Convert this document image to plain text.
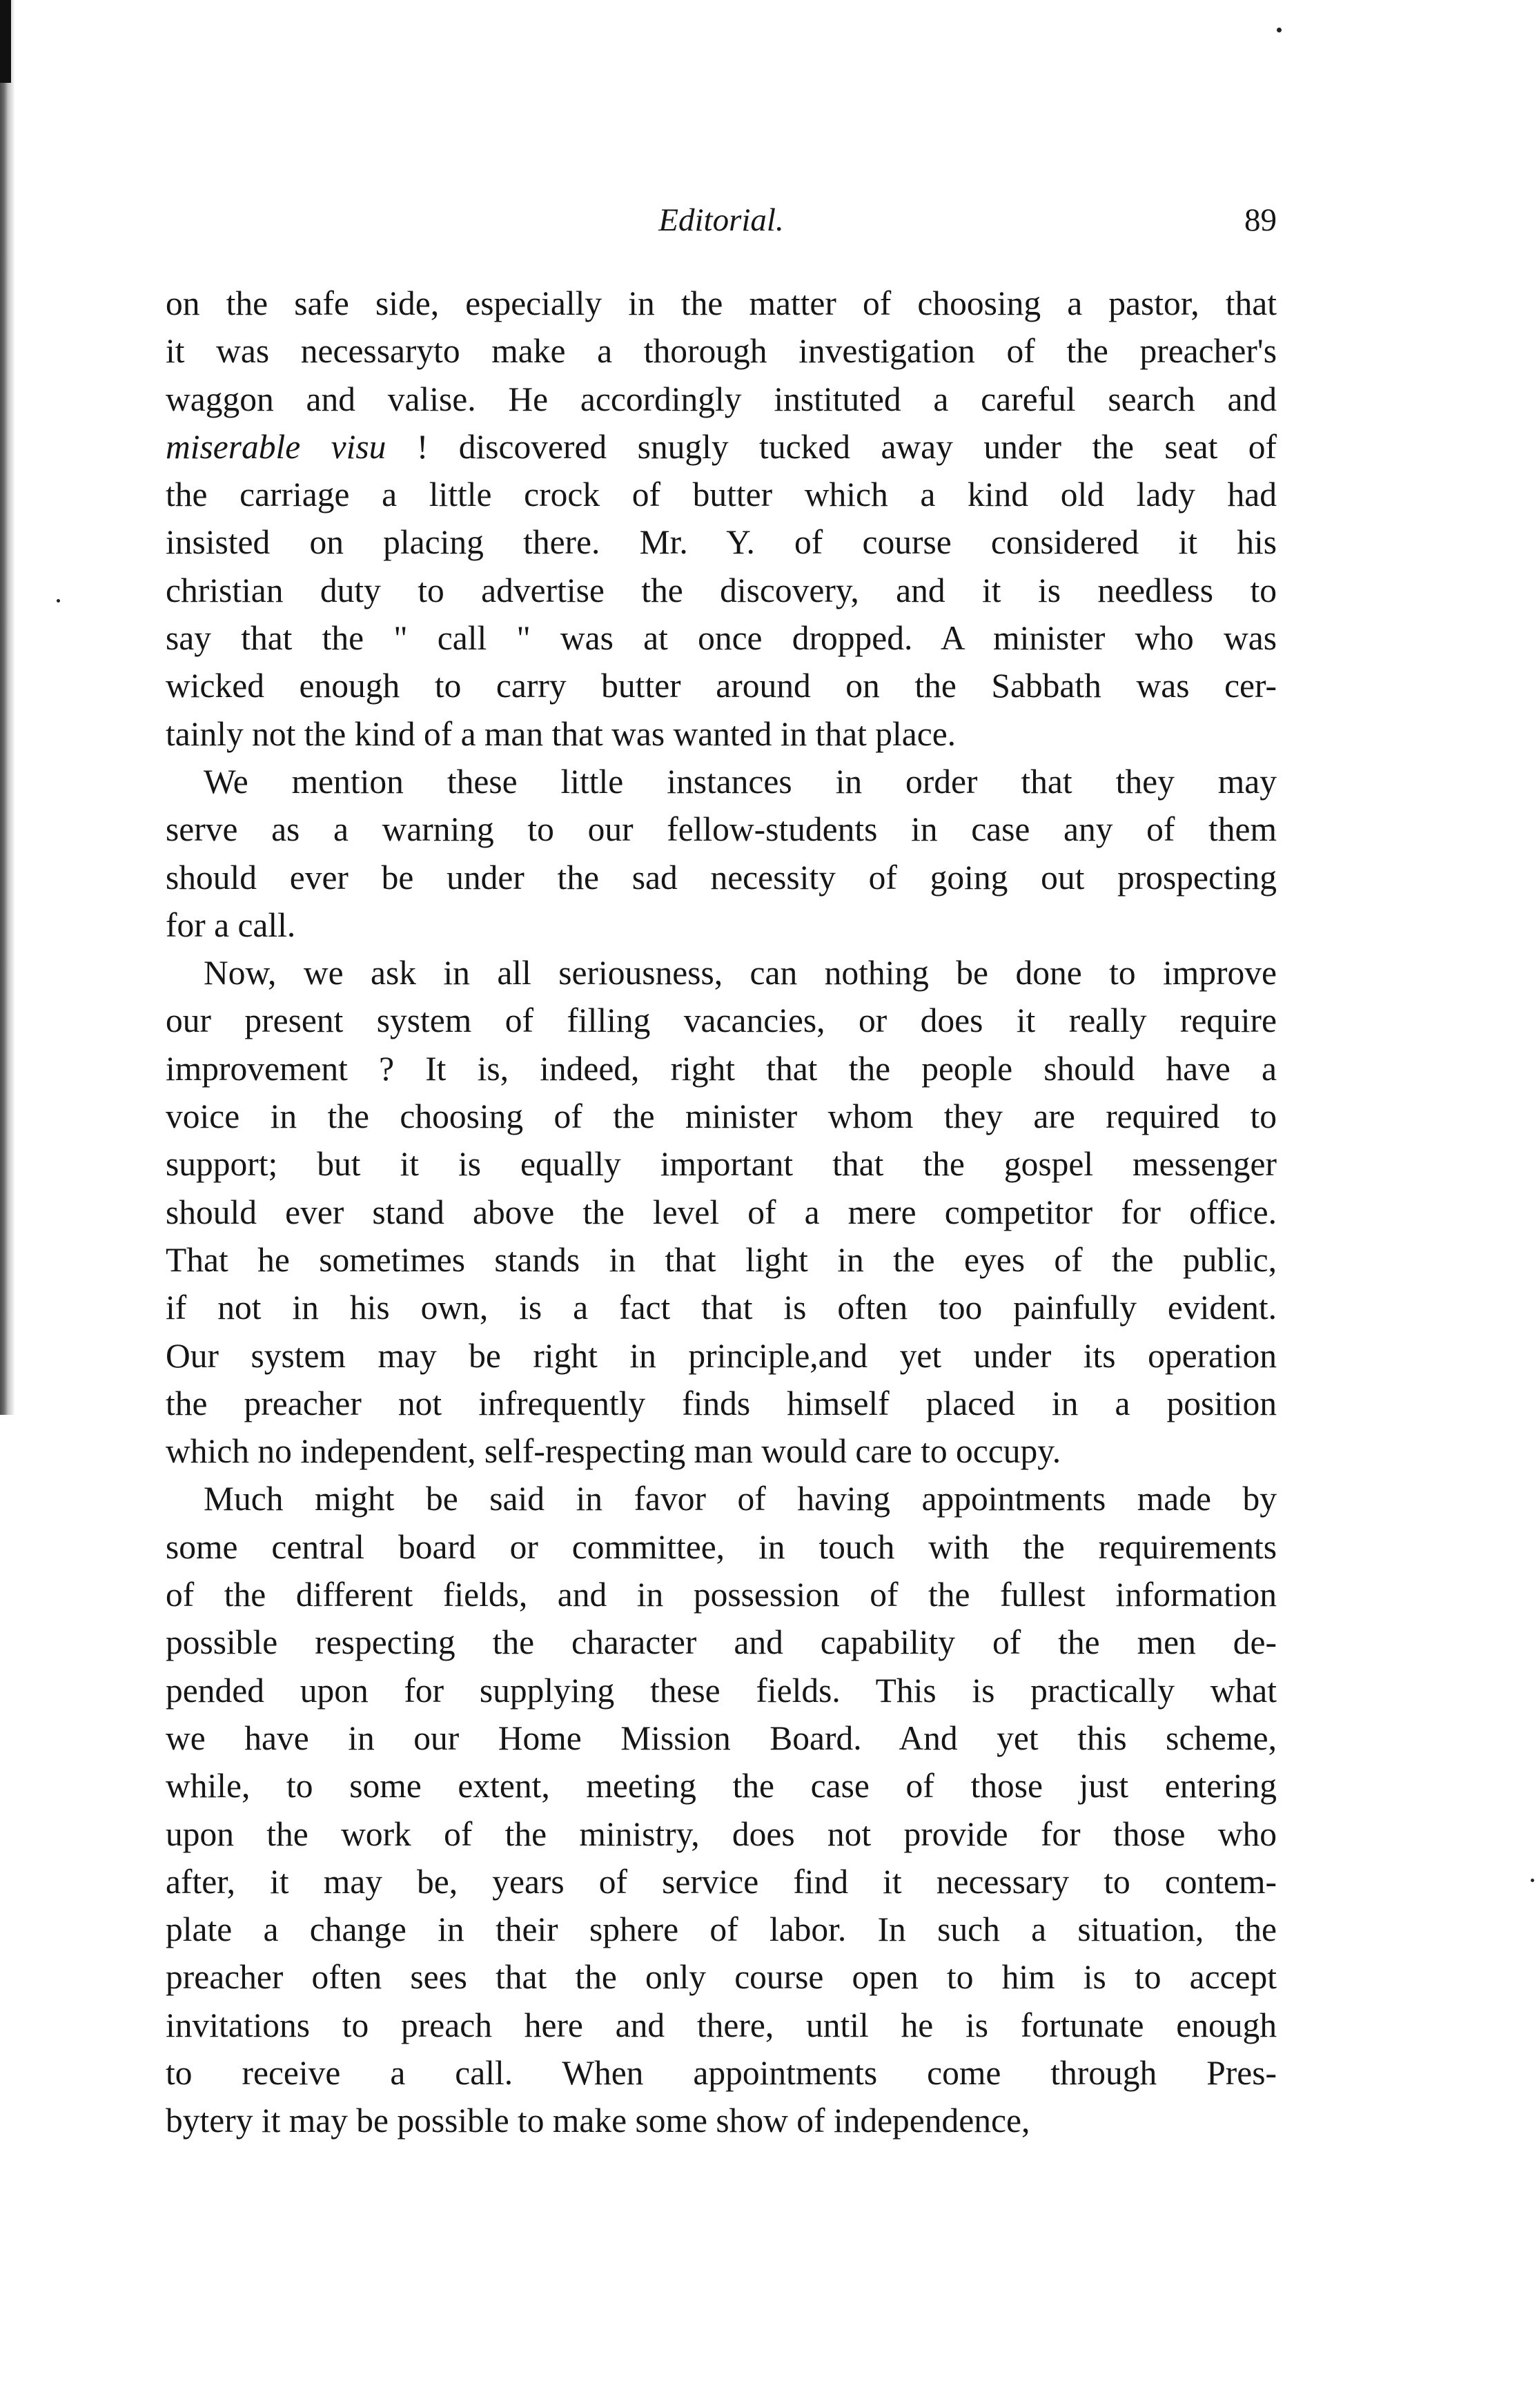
Editorial.	89
on the safe side, especially in the matter of choosing a pastor, that
it was necessaryto make a thorough investigation of the preacher's
waggon and valise. He accordingly instituted a careful search and
miserable visu ! discovered snugly tucked away under the seat of
the carriage a little crock of butter which a kind old lady had
insisted on placing there. Mr. Y. of course considered it his
christian duty to advertise the discovery, and it is needless to
say that the " call " was at once dropped. A minister who was
wicked enough to carry butter around on the Sabbath was cer-
tainly not the kind of a man that was wanted in that place.
We mention these little instances in order that they may
serve as a warning to our fellow-students in case any of them
should ever be under the sad necessity of going out prospecting
for a call.
Now, we ask in all seriousness, can nothing be done to improve
our present system of filling vacancies, or does it really require
improvement ? It is, indeed, right that the people should have a
voice in the choosing of the minister whom they are required to
support; but it is equally important that the gospel messenger
should ever stand above the level of a mere competitor for office.
That he sometimes stands in that light in the eyes of the public,
if not in his own, is a fact that is often too painfully evident.
Our system may be right in principle,and yet under its operation
the preacher not infrequently finds himself placed in a position
which no independent, self-respecting man would care to occupy.
Much might be said in favor of having appointments made by
some central board or committee, in touch with the requirements
of the different fields, and in possession of the fullest information
possible respecting the character and capability of the men de-
pended upon for supplying these fields. This is practically what
we have in our Home Mission Board. And yet this scheme,
while, to some extent, meeting the case of those just entering
upon the work of the ministry, does not provide for those who
after, it may be, years of service find it necessary to contem-
plate a change in their sphere of labor. In such a situation, the
preacher often sees that the only course open to him is to accept
invitations to preach here and there, until he is fortunate enough
to receive a call. When appointments come through Pres-
bytery it may be possible to make some show of independence,
